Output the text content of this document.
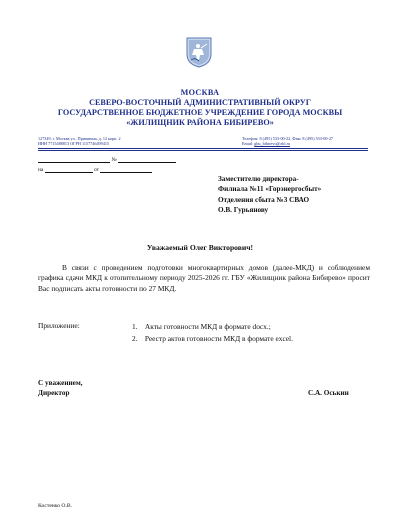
МОСКВА
СЕВЕРО-ВОСТОЧНЫЙ АДМИНИСТРАТИВНЫЙ ОКРУГ
ГОСУДАРСТВЕННОЕ БЮДЖЕТНОЕ УЧРЕЖДЕНИЕ ГОРОДА МОСКВЫ
«ЖИЛИЩНИК РАЙОНА БИБИРЕВО»
127349, г. Москва ул., Пришвина, д. 12 корп. 2
ИНН 7715488813 ОГРН 1157746499415
Телефон: 8 (495) 533-00-22, Факс 8 (495) 533-00-27
Email: gbu_bibirevo@zhl.ru
№
на	от
Заместителю директора-
Филиала №11 «Горэнергосбыт»
Отделения сбыта №3 СВАО
О.В. Гурьянову
Уважаемый Олег Викторович!
В связи с проведением подготовки многоквартирных домов (далее-МКД) и соблюдением графика сдачи МКД к отопительному периоду 2025-2026 гг. ГБУ «Жилищник района Бибирево» просит Вас подписать акты готовности по 27 МКД.
Приложение:	1. Акты готовности МКД в формате docx.;
2. Реестр актов готовности МКД в формате excel.
С уважением,
Директор	С.А. Оськин
Костенко О.В.
